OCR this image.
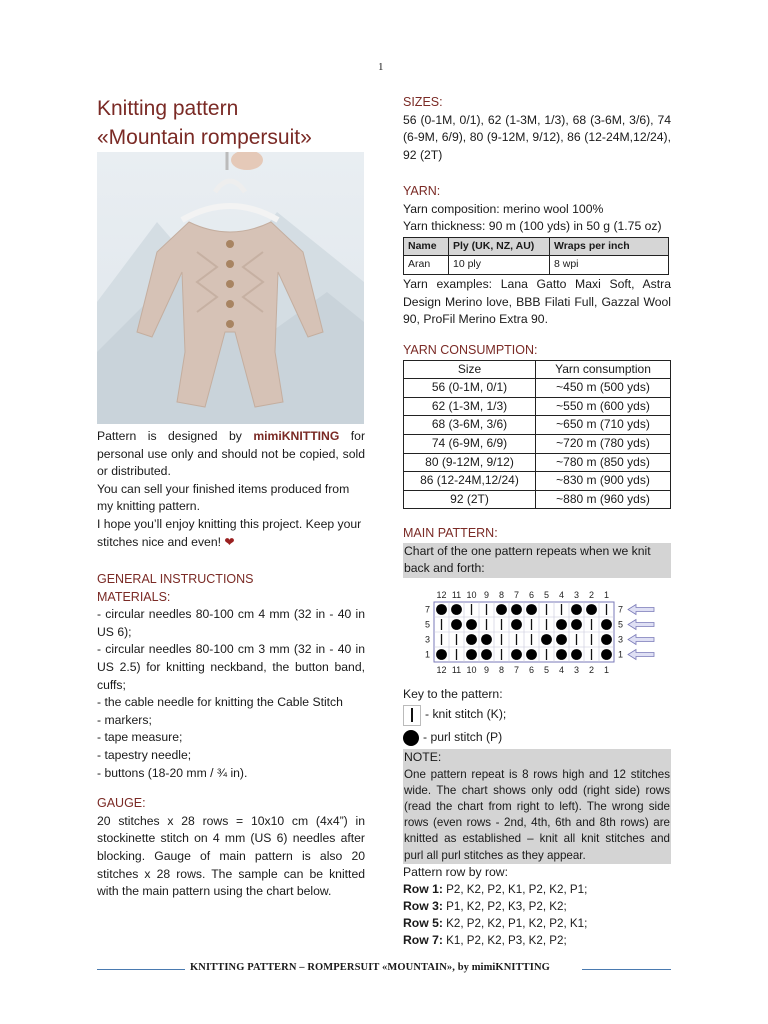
1
Knitting pattern
«Mountain rompersuit»
Pattern is designed by mimiKNITTING for personal use only and should not be copied, sold or distributed.
You can sell your finished items produced from my knitting pattern.
I hope you’ll enjoy knitting this project. Keep your stitches nice and even! ❤
GENERAL INSTRUCTIONS
MATERIALS:
- circular needles 80-100 cm 4 mm (32 in - 40 in US 6);
- circular needles 80-100 cm 3 mm (32 in - 40 in US 2.5) for knitting neckband, the button band, cuffs;
- the cable needle for knitting the Cable Stitch
- markers;
- tape measure;
- tapestry needle;
- buttons (18-20 mm / ¾ in).
GAUGE:
20 stitches x 28 rows = 10x10 cm (4x4”) in stockinette stitch on 4 mm (US 6) needles after blocking. Gauge of main pattern is also 20 stitches x 28 rows. The sample can be knitted with the main pattern using the chart below.
SIZES:
56 (0-1M, 0/1), 62 (1-3M, 1/3), 68 (3-6M, 3/6), 74 (6-9M, 6/9), 80 (9-12M, 9/12), 86 (12-24M,12/24), 92 (2T)
YARN:
Yarn composition: merino wool 100%
Yarn thickness: 90 m (100 yds) in 50 g (1.75 oz)
Name	Ply (UK, NZ, AU)	Wraps per inch
Aran	10 ply	8 wpi
Yarn examples: Lana Gatto Maxi Soft, Astra Design Merino love, BBB Filati Full, Gazzal Wool 90, ProFil Merino Extra 90.
YARN CONSUMPTION:
Size	Yarn consumption
56 (0-1M, 0/1)	~450 m (500 yds)
62 (1-3M, 1/3)	~550 m (600 yds)
68 (3-6M, 3/6)	~650 m (710 yds)
74 (6-9M, 6/9)	~720 m (780 yds)
80 (9-12M, 9/12)	~780 m (850 yds)
86 (12-24M,12/24)	~830 m (900 yds)
92 (2T)	~880 m (960 yds)
MAIN PATTERN:
Chart of the one pattern repeats when we knit back and forth:
12
12
11
11
10
10
9
9
8
8
7
7
6
6
5
5
4
4
3
3
2
2
1
1
7	7
5	5
3	3
1	1
Key to the pattern:
- knit stitch (K);
- purl stitch (P)
NOTE:
One pattern repeat is 8 rows high and 12 stitches wide. The chart shows only odd (right side) rows (read the chart from right to left). The wrong side rows (even rows - 2nd, 4th, 6th and 8th rows) are knitted as established – knit all knit stitches and purl all purl stitches as they appear.
Pattern row by row:
Row 1: P2, K2, P2, K1, P2, K2, P1;
Row 3: P1, K2, P2, K3, P2, K2;
Row 5: K2, P2, K2, P1, K2, P2, K1;
Row 7: K1, P2, K2, P3, K2, P2;
KNITTING PATTERN – ROMPERSUIT «MOUNTAIN», by mimiKNITTING
